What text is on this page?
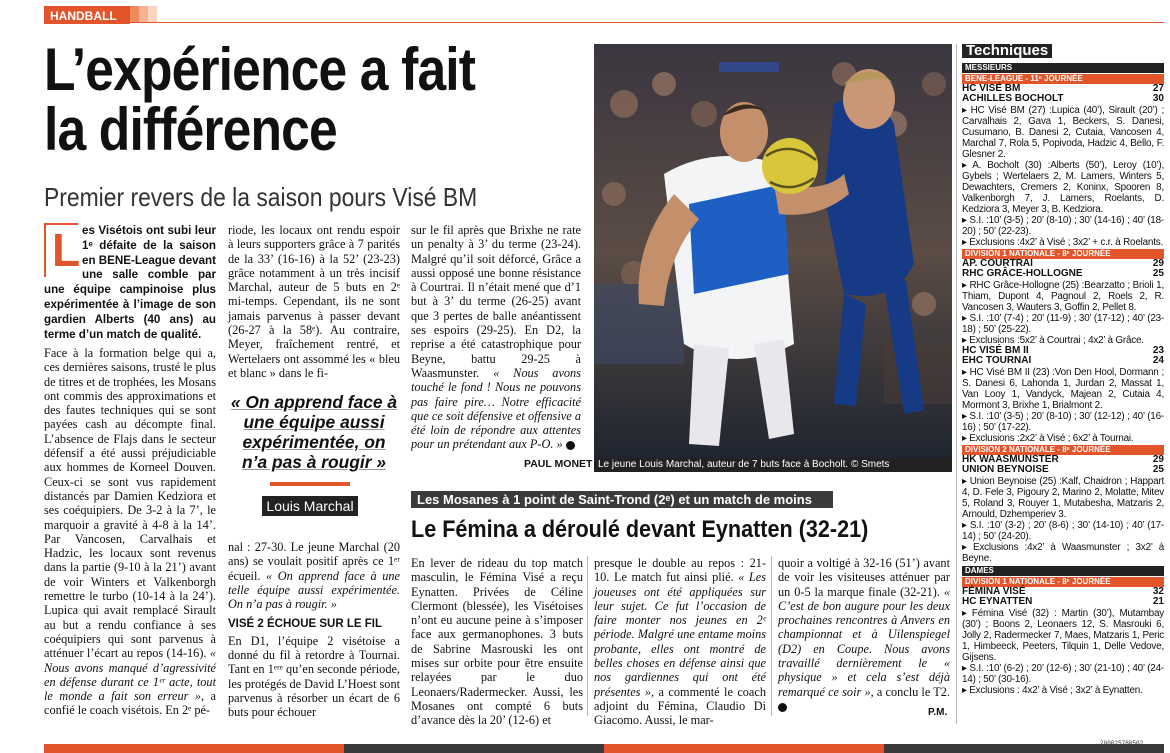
HANDBALL
L’expérience a fait la différence
Premier revers de la saison pours Visé BM
L es Visétois ont subi leur 1ᵉ défaite de la saison en BENE-League devant une salle comble par une équipe campinoise plus expérimentée à l’image de son gardien Alberts (40 ans) au terme d’un match de qualité.
Face à la formation belge qui a, ces dernières saisons, trusté le plus de titres et de trophées, les Mosans ont commis des approximations et des fautes techniques qui se sont payées cash au décompte final. L’absence de Flajs dans le secteur défensif a été aussi préjudiciable aux hommes de Korneel Douven. Ceux-ci se sont vus rapidement distancés par Damien Kedziora et ses coéquipiers. De 3-2 à la 7’, le marquoir a gravité à 4-8 à la 14’. Par Vancosen, Carvalhais et Hadzic, les locaux sont revenus dans la partie (9-10 à la 21’) avant de voir Winters et Valkenborgh remettre le turbo (10-14 à la 24’). Lupica qui avait remplacé Sirault au but a rendu confiance à ses coéquipiers qui sont parvenus à atténuer l’écart au repos (14-16). « Nous avons manqué d’agressivité en défense durant ce 1ᵉʳ acte, tout le monde a fait son erreur », a confié le coach visétois. En 2ᵉ pé-
riode, les locaux ont rendu espoir à leurs supporters grâce à 7 parités de la 33’ (16-16) à la 52’ (23-23) grâce notamment à un très incisif Marchal, auteur de 5 buts en 2ᵉ mi-temps. Cependant, ils ne sont jamais parvenus à passer devant (26-27 à la 58ᵉ). Au contraire, Meyer, fraîchement rentré, et Wertelaers ont assommé les « bleu et blanc » dans le fi-
« On apprend face à une équipe aussi expérimentée, on n’a pas à rougir »
Louis Marchal
nal : 27-30. Le jeune Marchal (20 ans) se voulait positif après ce 1ᵉʳ écueil. « On apprend face à une telle équipe aussi expérimentée. On n’a pas à rougir. »
VISÉ 2 ÉCHOUE SUR LE FIL
En D1, l’équipe 2 visétoise a donné du fil à retordre à Tournai. Tant en 1ᵉʳᵉ qu’en seconde période, les protégés de David L’Hoest sont parvenus à résorber un écart de 6 buts pour échouer
sur le fil après que Brixhe ne rate un penalty à 3’ du terme (23-24). Malgré qu’il soit déforcé, Grâce a aussi opposé une bonne résistance à Courtrai. Il n’était mené que d’1 but à 3’ du terme (26-25) avant que 3 pertes de balle anéantissent ses espoirs (29-25). En D2, la reprise a été catastrophique pour Beyne, battu 29-25 à Waasmunster. « Nous avons touché le fond ! Nous ne pouvons pas faire pire… Notre efficacité que ce soit défensive et offensive a été loin de répondre aux attentes pour un prétendant aux P-O. »
PAUL MONET Le jeune Louis Marchal, auteur de 7 buts face à Bocholt. © Smets
Les Mosanes à 1 point de Saint-Trond (2ᵉ) et un match de moins
Le Fémina a déroulé devant Eynatten (32-21)
En lever de rideau du top match masculin, le Fémina Visé a reçu Eynatten. Privées de Céline Clermont (blessée), les Visétoises n’ont eu aucune peine à s’imposer face aux germanophones. 3 buts de Sabrine Masrouski les ont mises sur orbite pour être ensuite relayées par le duo Leonaers/Radermecker. Aussi, les Mosanes ont compté 6 buts d’avance dès la 20’ (12-6) et
presque le double au repos : 21-10. Le match fut ainsi plié. « Les joueuses ont été appliquées sur leur sujet. Ce fut l’occasion de faire monter nos jeunes en 2ᵉ période. Malgré une entame moins probante, elles ont montré de belles choses en défense ainsi que nos gardiennes qui ont été présentes », a commenté le coach adjoint du Fémina, Claudio Di Giacomo. Aussi, le mar-
quoir a voltigé à 32-16 (51’) avant de voir les visiteuses atténuer par un 0-5 la marque finale (32-21). « C’est de bon augure pour les deux prochaines rencontres à Anvers en championnat et à Uilenspiegel (D2) en Coupe. Nous avons travaillé dernièrement le « physique » et cela s’est déjà remarqué ce soir », a conclu le T2.
P.M.
Techniques
MESSIEURS
BENE-LEAGUE - 11ᵉ JOURNÉE
HC VISÉ BM	27
ACHILLES BOCHOLT	30
▸ HC Visé BM (27) :Lupica (40’), Sirault (20’) ; Carvalhais 2, Gava 1, Beckers, S. Danesi, Cusumano, B. Danesi 2, Cutaia, Vancosen 4, Marchal 7, Rola 5, Popivoda, Hadzic 4, Bello, F. Glesner 2.
▸ A. Bocholt (30) :Alberts (50’), Leroy (10’), Gybels ; Wertelaers 2, M. Lamers, Winters 5, Dewachters, Cremers 2, Koninx, Spooren 8, Valkenborgh 7, J. Lamers, Roelants, D. Kedziora 3, Meyer 3, B. Kedziora.
▸ S.I. :10’ (3-5) ; 20’ (8-10) ; 30’ (14-16) ; 40’ (18-20) ; 50’ (22-23).
▸ Exclusions :4x2’ à Visé ; 3x2’ + c.r. à Roelants.
DIVISION 1 NATIONALE - 8ᵉ JOURNÉE
AP. COURTRAI	29
RHC GRÂCE-HOLLOGNE	25
▸ RHC Grâce-Hollogne (25) :Bearzatto ; Brioli 1, Thiam, Dupont 4, Pagnoul 2, Roels 2, R. Vancosen 3, Wauters 3, Goffin 2, Pellet 8.
▸ S.I. :10’ (7-4) ; 20’ (11-9) ; 30’ (17-12) ; 40’ (23-18) ; 50’ (25-22).
▸ Exclusions :5x2’ à Courtrai ; 4x2’ à Grâce.
HC VISÉ BM II	23
EHC TOURNAI	24
▸ HC Visé BM II (23) :Von Den Hool, Dormann ; S. Danesi 6, Lahonda 1, Jurdan 2, Massat 1, Van Looy 1, Vandyck, Majean 2, Cutaia 4, Mormont 3, Brixhe 1, Brialmont 2.
▸ S.I. :10’ (3-5) ; 20’ (8-10) ; 30’ (12-12) ; 40’ (16-16) ; 50’ (17-22).
▸ Exclusions :2x2’ à Visé ; 6x2’ à Tournai.
DIVISION 2 NATIONALE - 8ᵉ JOURNÉE
HK WAASMUNSTER	29
UNION BEYNOISE	25
▸ Union Beynoise (25) :Kalf, Chaidron ; Happart 4, D. Fele 3, Pigoury 2, Marino 2, Molatte, Mitev 5, Roland 3, Rouyer 1, Mutabesha, Matzaris 2, Arnould, Dzhemperiev 3.
▸ S.I. :10’ (3-2) ; 20’ (8-6) ; 30’ (14-10) ; 40’ (17-14) ; 50’ (24-20).
▸ Exclusions :4x2’ à Waasmunster ; 3x2’ à Beyne.
DAMES
DIVISION 1 NATIONALE - 8ᵉ JOURNÉE
FÉMINA VISÉ	32
HC EYNATTEN	21
▸ Fémina Visé (32) : Martin (30’), Mutambay (30’) ; Boons 2, Leonaers 12, S. Masrouki 6, Jolly 2, Radermecker 7, Maes, Matzaris 1, Peric 1, Himbeeck, Peeters, Tilquin 1, Delle Vedove, Gijsens.
▸ S.I. :10’ (6-2) ; 20’ (12-6) ; 30’ (21-10) ; 40’ (24-14) ; 50’ (30-16).
▸ Exclusions : 4x2’ à Visé ; 3x2’ à Eynatten.
200025760502
